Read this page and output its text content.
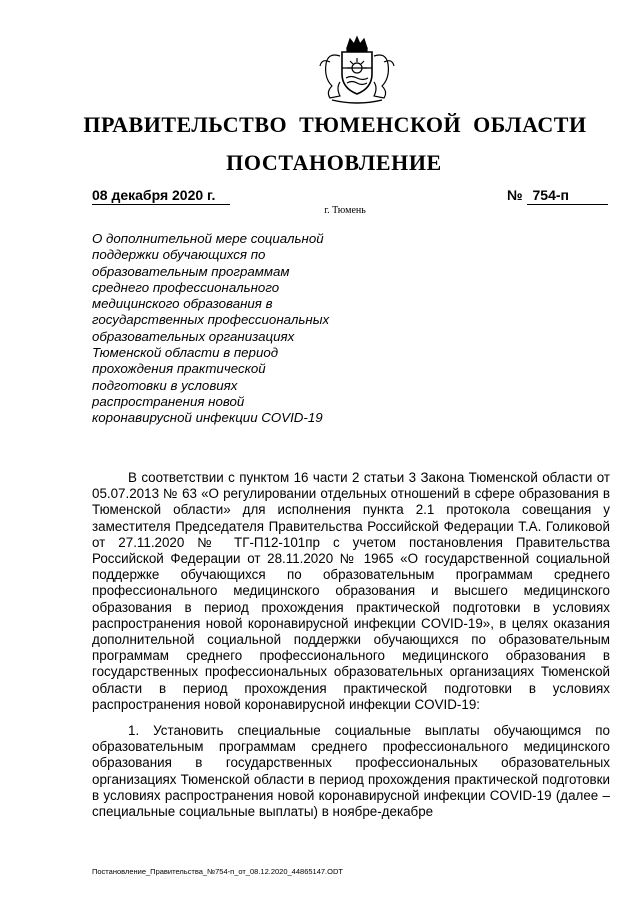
ПРАВИТЕЛЬСТВО ТЮМЕНСКОЙ ОБЛАСТИ
ПОСТАНОВЛЕНИЕ
08 декабря 2020 г.	№ 754-п
г. Тюмень
О дополнительной мере социальной
поддержки обучающихся по
образовательным программам
среднего профессионального
медицинского образования в
государственных профессиональных
образовательных организациях
Тюменской области в период
прохождения практической
подготовки в условиях
распространения новой
коронавирусной инфекции COVID-19

В соответствии с пунктом 16 части 2 статьи 3 Закона Тюменской области от 05.07.2013 № 63 «О регулировании отдельных отношений в сфере образования в Тюменской области» для исполнения пункта 2.1 протокола совещания у заместителя Председателя Правительства Российской Федерации Т.А. Голиковой от 27.11.2020 № ТГ-П12-101пр с учетом постановления Правительства Российской Федерации от 28.11.2020 № 1965 «О государственной социальной поддержке обучающихся по образовательным программам среднего профессионального медицинского образования и высшего медицинского образования в период прохождения практической подготовки в условиях распространения новой коронавирусной инфекции COVID-19», в целях оказания дополнительной социальной поддержки обучающихся по образовательным программам среднего профессионального медицинского образования в государственных профессиональных образовательных организациях Тюменской области в период прохождения практической подготовки в условиях распространения новой коронавирусной инфекции COVID-19:

1. Установить специальные социальные выплаты обучающимся по образовательным программам среднего профессионального медицинского образования в государственных профессиональных образовательных организациях Тюменской области в период прохождения практической подготовки в условиях распространения новой коронавирусной инфекции COVID-19 (далее – специальные социальные выплаты) в ноябре-декабре

Постановление_Правительства_№754-п_от_08.12.2020_44865147.ODT
